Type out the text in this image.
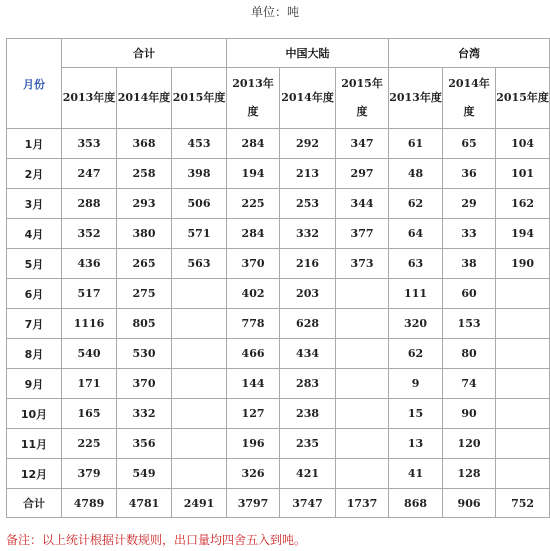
单位：吨
月份	合计			中国大陆			台湾		
	2013年度	2014年度	2015年度	2013年度	2014年度	2015年度	2013年度	2014年度	2015年度
1月	353	368	453	284	292	347	61	65	104
2月	247	258	398	194	213	297	48	36	101
3月	288	293	506	225	253	344	62	29	162
4月	352	380	571	284	332	377	64	33	194
5月	436	265	563	370	216	373	63	38	190
6月	517	275		402	203		111	60	
7月	1116	805		778	628		320	153	
8月	540	530		466	434		62	80	
9月	171	370		144	283		9	74	
10月	165	332		127	238		15	90	
11月	225	356		196	235		13	120	
12月	379	549		326	421		41	128	
合计	4789	4781	2491	3797	3747	1737	868	906	752
备注：以上统计根据计数规则，出口量均四舍五入到吨。
